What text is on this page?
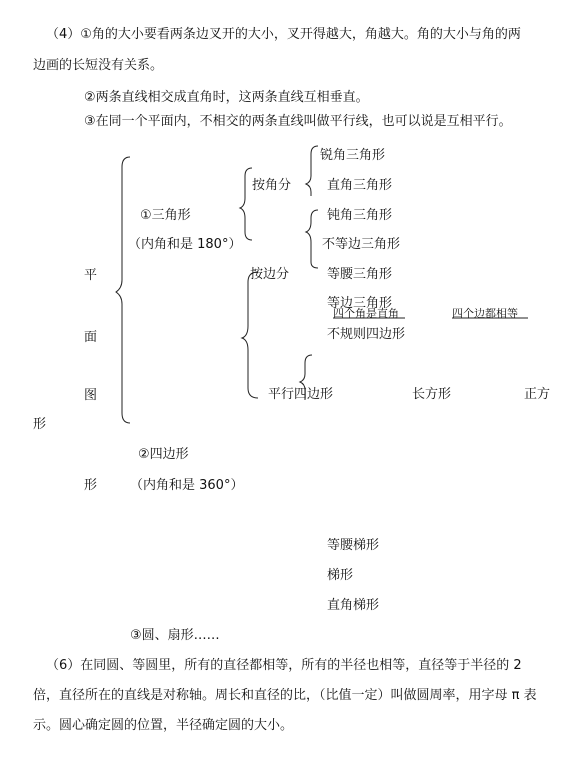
（4）①角的大小要看两条边叉开的大小，叉开得越大，角越大。角的大小与角的两
边画的长短没有关系。
②两条直线相交成直角时，这两条直线互相垂直。
③在同一个平面内，不相交的两条直线叫做平行线，也可以说是互相平行。
平
面
图
形
形
①三角形
（内角和是 180°）
按角分
按边分
锐角三角形
直角三角形
钝角三角形
不等边三角形
等腰三角形
等边三角形
四个角是直角	四个边都相等
不规则四边形
平行四边形	长方形	正方
②四边形
（内角和是 360°）
等腰梯形
梯形
直角梯形
③圆、扇形……
（6）在同圆、等圆里，所有的直径都相等，所有的半径也相等，直径等于半径的 2
倍，直径所在的直线是对称轴。周长和直径的比，（比值一定）叫做圆周率，用字母 π 表
示。圆心确定圆的位置，半径确定圆的大小。
